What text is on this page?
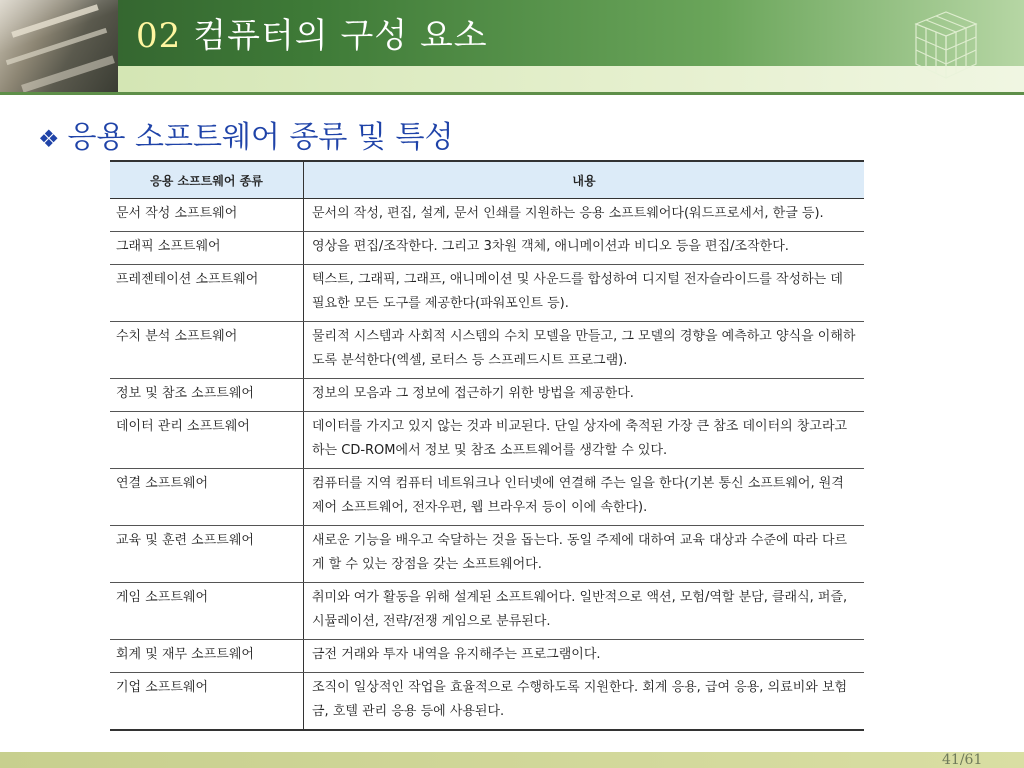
02 컴퓨터의 구성 요소
❖ 응용 소프트웨어 종류 및 특성
응용 소프트웨어 종류	내용
문서 작성 소프트웨어	문서의 작성, 편집, 설계, 문서 인쇄를 지원하는 응용 소프트웨어다(워드프로세서, 한글 등).
그래픽 소프트웨어	영상을 편집/조작한다. 그리고 3차원 객체, 애니메이션과 비디오 등을 편집/조작한다.
프레젠테이션 소프트웨어	텍스트, 그래픽, 그래프, 애니메이션 및 사운드를 합성하여 디지털 전자슬라이드를 작성하는 데 필요한 모든 도구를 제공한다(파워포인트 등).
수치 분석 소프트웨어	물리적 시스템과 사회적 시스템의 수치 모델을 만들고, 그 모델의 경향을 예측하고 양식을 이해하도록 분석한다(엑셀, 로터스 등 스프레드시트 프로그램).
정보 및 참조 소프트웨어	정보의 모음과 그 정보에 접근하기 위한 방법을 제공한다.
데이터 관리 소프트웨어	데이터를 가지고 있지 않는 것과 비교된다. 단일 상자에 축적된 가장 큰 참조 데이터의 창고라고 하는 CD-ROM에서 정보 및 참조 소프트웨어를 생각할 수 있다.
연결 소프트웨어	컴퓨터를 지역 컴퓨터 네트워크나 인터넷에 연결해 주는 일을 한다(기본 통신 소프트웨어, 원격 제어 소프트웨어, 전자우편, 웹 브라우저 등이 이에 속한다).
교육 및 훈련 소프트웨어	새로운 기능을 배우고 숙달하는 것을 돕는다. 동일 주제에 대하여 교육 대상과 수준에 따라 다르게 할 수 있는 장점을 갖는 소프트웨어다.
게임 소프트웨어	취미와 여가 활동을 위해 설계된 소프트웨어다. 일반적으로 액션, 모험/역할 분담, 클래식, 퍼즐, 시뮬레이션, 전략/전쟁 게임으로 분류된다.
회계 및 재무 소프트웨어	금전 거래와 투자 내역을 유지해주는 프로그램이다.
기업 소프트웨어	조직이 일상적인 작업을 효율적으로 수행하도록 지원한다. 회계 응용, 급여 응용, 의료비와 보험금, 호텔 관리 응용 등에 사용된다.
41/61
